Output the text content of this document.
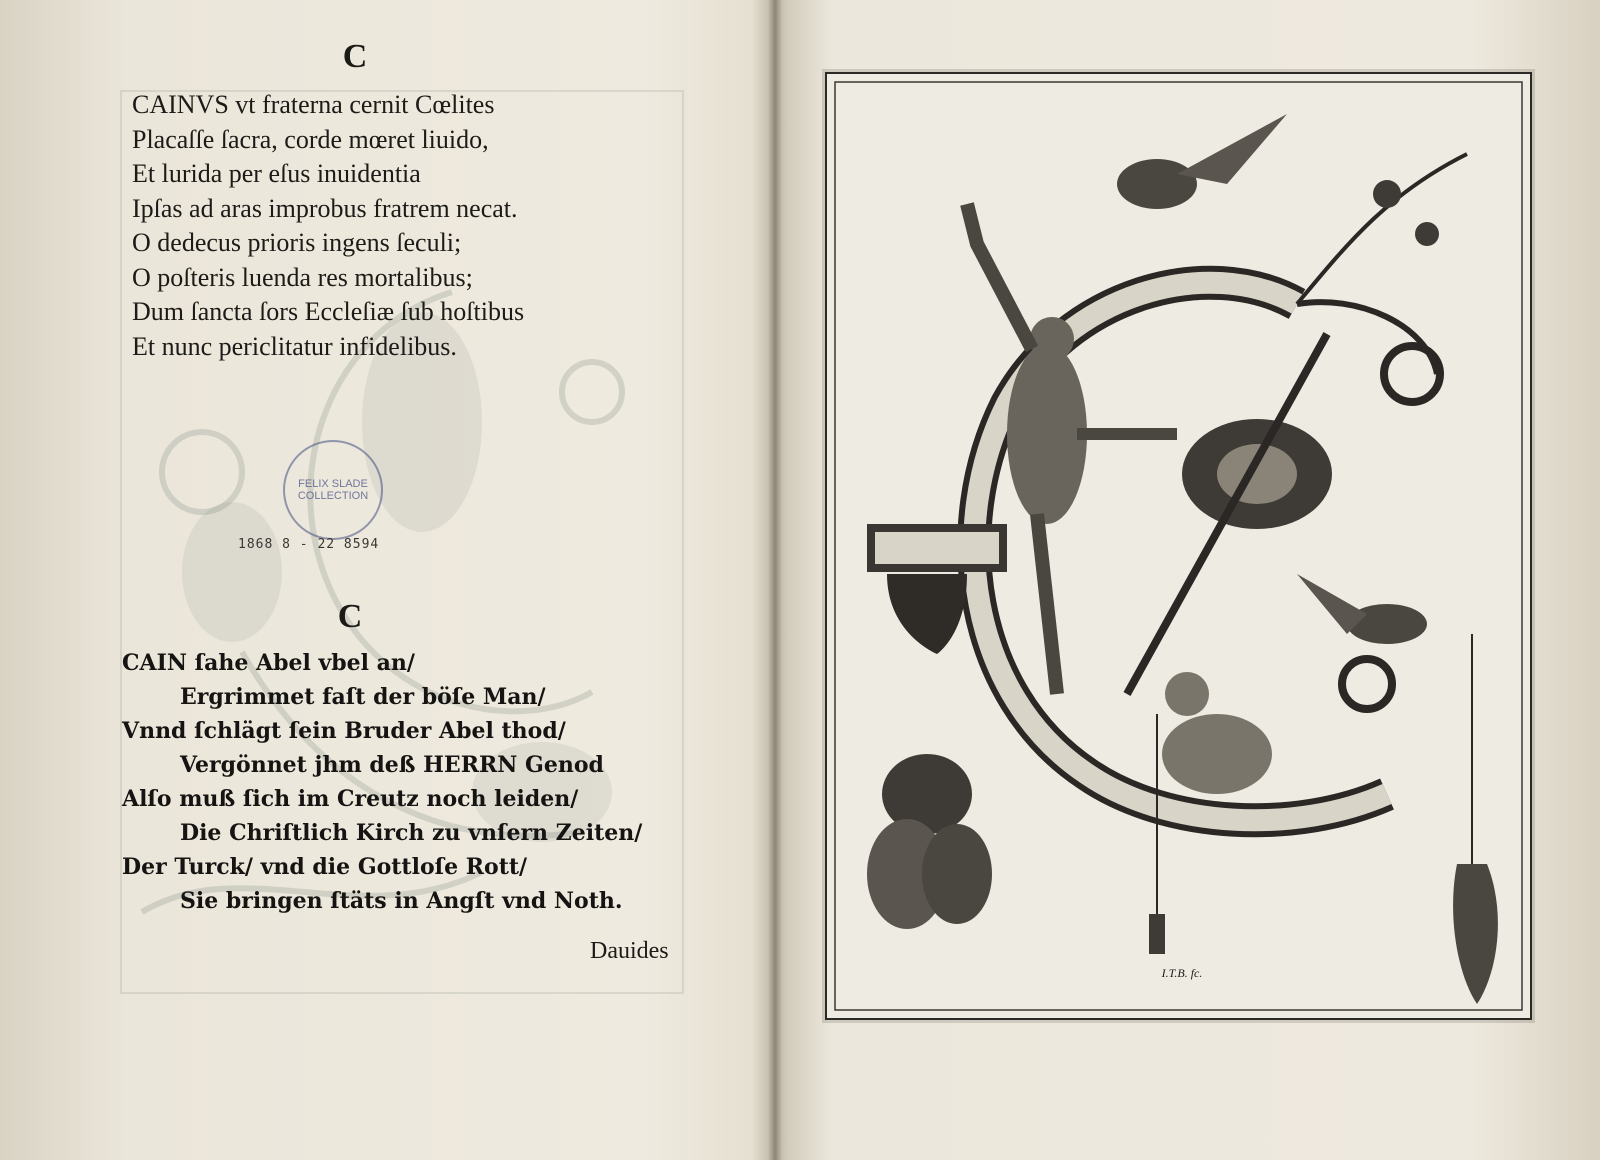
C
CAINVS vt fraterna cernit Cœlites
Placaſſe ſacra, corde mœret liuido,
Et lurida per eſus inuidentia
Ipſas ad aras improbus fratrem necat.
O dedecus prioris ingens ſeculi;
O poſteris luenda res mortalibus;
Dum ſancta ſors Eccleſiæ ſub hoſtibus
Et nunc periclitatur infidelibus.
FELIX SLADE COLLECTION
1868 8 - 22 8594
C
CAIN ſahe Abel vbel an/
Ergrimmet faſt der böſe Man/
Vnnd ſchlägt ſein Bruder Abel thod/
Vergönnet jhm deß HERRN Genod
Alſo muß ſich im Creutz noch leiden/
Die Chriſtlich Kirch zu vnſern Zeiten/
Der Turck/ vnd die Gottloſe Rott/
Sie bringen ſtäts in Angſt vnd Noth.
Dauides
I.T.B. fc.
